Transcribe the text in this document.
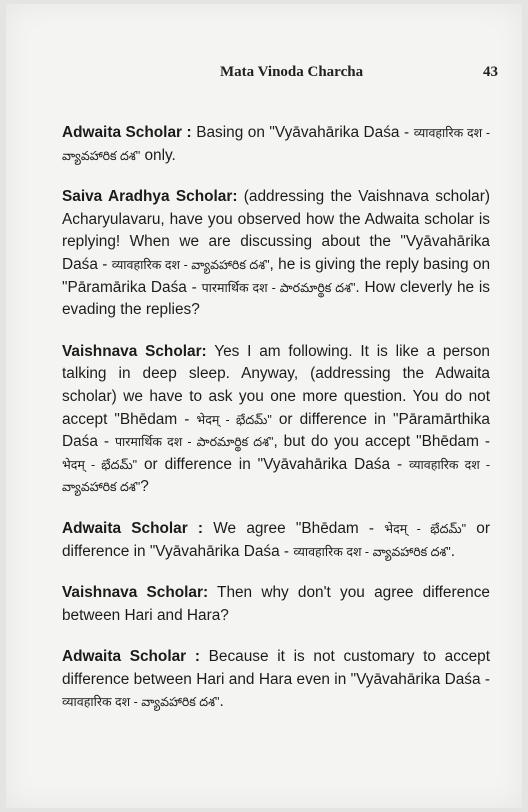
Mata Vinoda Charcha	43

Adwaita Scholar : Basing on "Vyāvahārika Daśa - व्यावहारिक दश - వ్యావహారిక దశ" only.

Saiva Aradhya Scholar: (addressing the Vaishnava scholar) Acharyulavaru, have you observed how the Adwaita scholar is replying! When we are discussing about the "Vyāvahārika Daśa - व्यावहारिक दश - వ్యావహారిక దశ", he is giving the reply basing on "Pāramārika Daśa - पारमार्थिक दश - పారమార్థిక దశ". How cleverly he is evading the replies?

Vaishnava Scholar: Yes I am following. It is like a person talking in deep sleep. Anyway, (addressing the Adwaita scholar) we have to ask you one more question. You do not accept "Bhēdam - भेदम् - భేదమ్" or difference in "Pāramārthika Daśa - पारमार्थिक दश - పారమార్థిక దశ", but do you accept "Bhēdam - भेदम् - భేదమ్" or difference in "Vyāvahārika Daśa - व्यावहारिक दश - వ్యావహారిక దశ"?

Adwaita Scholar : We agree "Bhēdam - भेदम् - భేదమ్" or difference in "Vyāvahārika Daśa - व्यावहारिक दश - వ్యావహారిక దశ".

Vaishnava Scholar: Then why don't you agree difference between Hari and Hara?

Adwaita Scholar : Because it is not customary to accept difference between Hari and Hara even in "Vyāvahārika Daśa - व्यावहारिक दश - వ్యావహారిక దశ".
